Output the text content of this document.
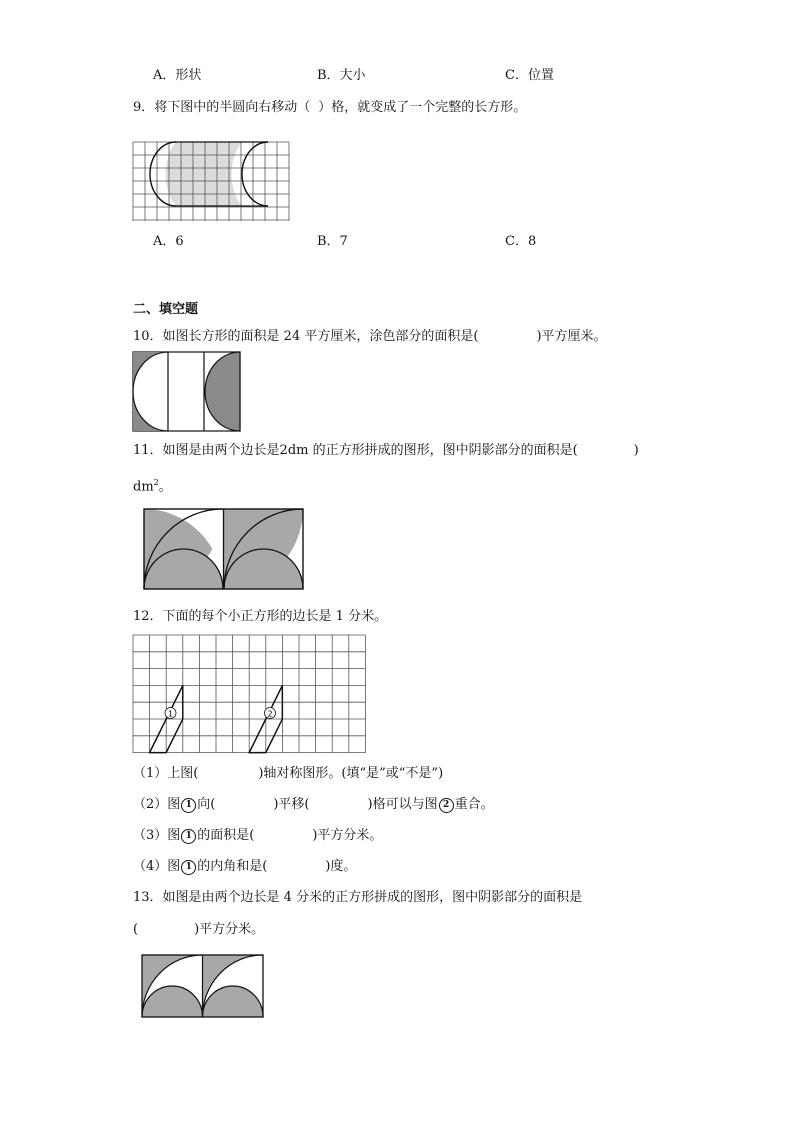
A．形状	B．大小	C．位置
9．将下图中的半圆向右移动（ ）格，就变成了一个完整的长方形。
A．6	B．7	C．8
二、填空题
10．如图长方形的面积是 24 平方厘米，涂色部分的面积是(	)平方厘米。
11．如图是由两个边长是2dm 的正方形拼成的图形，图中阴影部分的面积是(	)
$dm^2$。
12．下面的每个小正方形的边长是 1 分米。
1	2
（1）上图(	)轴对称图形。(填“是”或“不是”)
（2）图 1 向(	)平移(	)格可以与图 2 重合。
（3）图 1 的面积是(	)平方分米。
（4）图 1 的内角和是(	)度。
13．如图是由两个边长是 4 分米的正方形拼成的图形，图中阴影部分的面积是
(	)平方分米。
